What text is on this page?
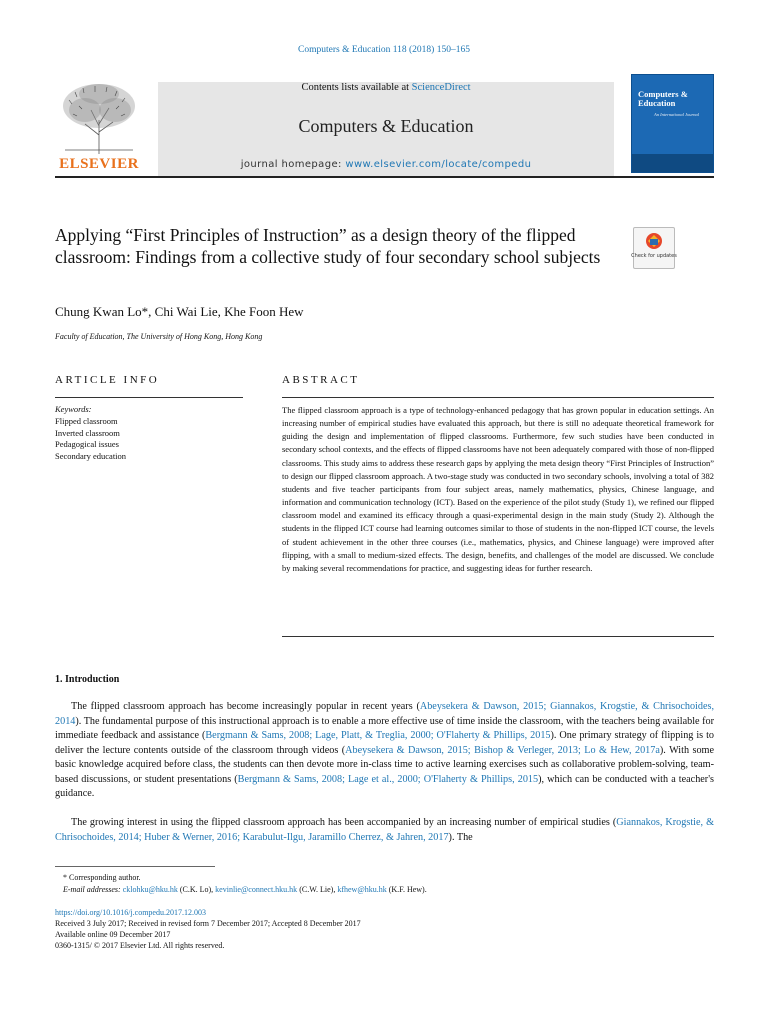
Computers & Education 118 (2018) 150–165
ELSEVIER
Contents lists available at ScienceDirect
Computers & Education
journal homepage: www.elsevier.com/locate/compedu
Computers & Education
An International Journal
Applying “First Principles of Instruction” as a design theory of the flipped classroom: Findings from a collective study of four secondary school subjects	Check for updates
Chung Kwan Lo*, Chi Wai Lie, Khe Foon Hew
Faculty of Education, The University of Hong Kong, Hong Kong
ARTICLE INFO	ABSTRACT
Keywords:
Flipped classroom
Inverted classroom
Pedagogical issues
Secondary education
The flipped classroom approach is a type of technology-enhanced pedagogy that has grown popular in education settings. An increasing number of empirical studies have evaluated this approach, but there is still no adequate theoretical framework for guiding the design and implementation of flipped classrooms. Furthermore, few such studies have been conducted in secondary school contexts, and the effects of flipped classrooms have not been adequately compared with those of non-flipped classrooms. This study aims to address these research gaps by applying the meta design theory “First Principles of Instruction” to design our flipped classroom approach. A two-stage study was conducted in two secondary schools, involving a total of 382 students and five teacher participants from four subject areas, namely mathematics, physics, Chinese language, and information and communication technology (ICT). Based on the experience of the pilot study (Study 1), we refined our flipped classroom model and examined its efficacy through a quasi-experimental design in the main study (Study 2). Although the students in the flipped ICT course had learning outcomes similar to those of students in the non-flipped ICT course, the levels of student achievement in the other three courses (i.e., mathematics, physics, and Chinese language) were improved after flipping, with a small to medium-sized effects. The design, benefits, and challenges of the model are discussed. We conclude by making several recommendations for practice, and suggesting ideas for further research.
1. Introduction

The flipped classroom approach has become increasingly popular in recent years (Abeysekera & Dawson, 2015; Giannakos, Krogstie, & Chrisochoides, 2014). The fundamental purpose of this instructional approach is to enable a more effective use of time inside the classroom, with the teachers being available for immediate feedback and assistance (Bergmann & Sams, 2008; Lage, Platt, & Treglia, 2000; O'Flaherty & Phillips, 2015). One primary strategy of flipping is to deliver the lecture contents outside of the classroom through videos (Abeysekera & Dawson, 2015; Bishop & Verleger, 2013; Lo & Hew, 2017a). With some basic knowledge acquired before class, the students can then devote more in-class time to active learning exercises such as collaborative problem-solving, team-based discussions, or student presentations (Bergmann & Sams, 2008; Lage et al., 2000; O'Flaherty & Phillips, 2015), which can be conducted with a teacher's guidance.

The growing interest in using the flipped classroom approach has been accompanied by an increasing number of empirical studies (Giannakos, Krogstie, & Chrisochoides, 2014; Huber & Werner, 2016; Karabulut-Ilgu, Jaramillo Cherrez, & Jahren, 2017). The

* Corresponding author.
E-mail addresses: cklohku@hku.hk (C.K. Lo), kevinlie@connect.hku.hk (C.W. Lie), kfhew@hku.hk (K.F. Hew).
https://doi.org/10.1016/j.compedu.2017.12.003
Received 3 July 2017; Received in revised form 7 December 2017; Accepted 8 December 2017
Available online 09 December 2017
0360-1315/ © 2017 Elsevier Ltd. All rights reserved.
